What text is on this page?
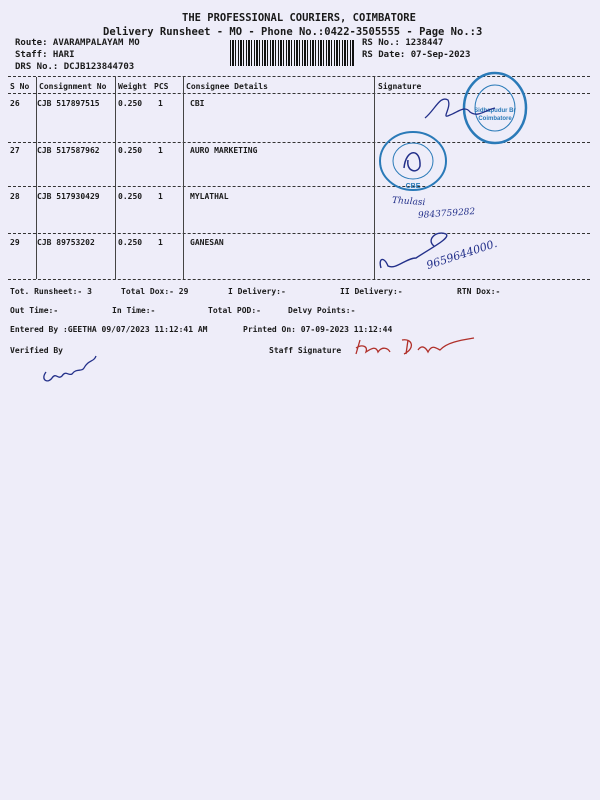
THE PROFESSIONAL COURIERS, COIMBATORE
Delivery Runsheet - MO - Phone No.:0422-3505555 - Page No.:3
Route: AVARAMPALAYAM MO
Staff: HARI
DRS No.: DCJB123844703
RS No.: 1238447
RS Date: 07-Sep-2023
S No Consignment No Weight PCS Consignee Details	Signature
26 CJB 517897515 0.250 1	CBI
27 CJB 517587962 0.250 1	AURO MARKETING
28 CJB 517930429 0.250 1	MYLATHAL
29 CJB 89753202	0.250 1	GANESAN
Sidhapudur Br
Coimbatore
CBE
Thulasi
9843759282
9659644000.
Tot. Runsheet:- 3	Total Dox:- 29	I Delivery:-	II Delivery:-	RTN Dox:-
Out Time:-	In Time:-	Total POD:-	Delvy Points:-
Entered By :GEETHA 09/07/2023 11:12:41 AM	Printed On: 07-09-2023 11:12:44
Verified By	Staff Signature
